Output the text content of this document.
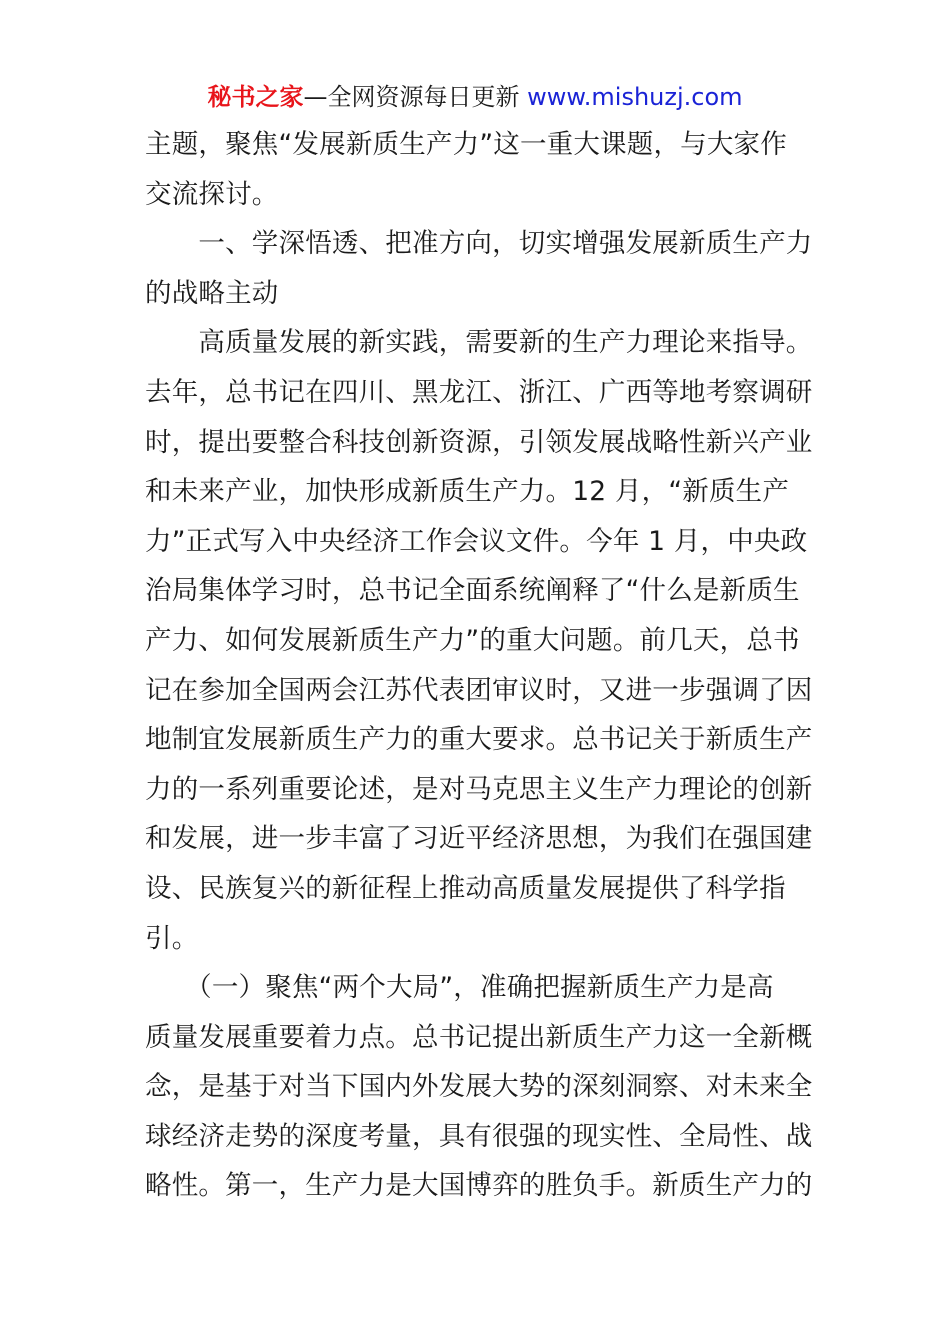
秘书之家—全网资源每日更新 www.mishuzj.com
主题，聚焦“发展新质生产力”这一重大课题，与大家作
交流探讨。
　　一、学深悟透、把准方向，切实增强发展新质生产力
的战略主动
　　高质量发展的新实践，需要新的生产力理论来指导。
去年，总书记在四川、黑龙江、浙江、广西等地考察调研
时，提出要整合科技创新资源，引领发展战略性新兴产业
和未来产业，加快形成新质生产力。12 月，“新质生产
力”正式写入中央经济工作会议文件。今年 1 月，中央政
治局集体学习时，总书记全面系统阐释了“什么是新质生
产力、如何发展新质生产力”的重大问题。前几天，总书
记在参加全国两会江苏代表团审议时，又进一步强调了因
地制宜发展新质生产力的重大要求。总书记关于新质生产
力的一系列重要论述，是对马克思主义生产力理论的创新
和发展，进一步丰富了习近平经济思想，为我们在强国建
设、民族复兴的新征程上推动高质量发展提供了科学指
引。
　　（一）聚焦“两个大局”，准确把握新质生产力是高
质量发展重要着力点。总书记提出新质生产力这一全新概
念，是基于对当下国内外发展大势的深刻洞察、对未来全
球经济走势的深度考量，具有很强的现实性、全局性、战
略性。第一，生产力是大国博弈的胜负手。新质生产力的
